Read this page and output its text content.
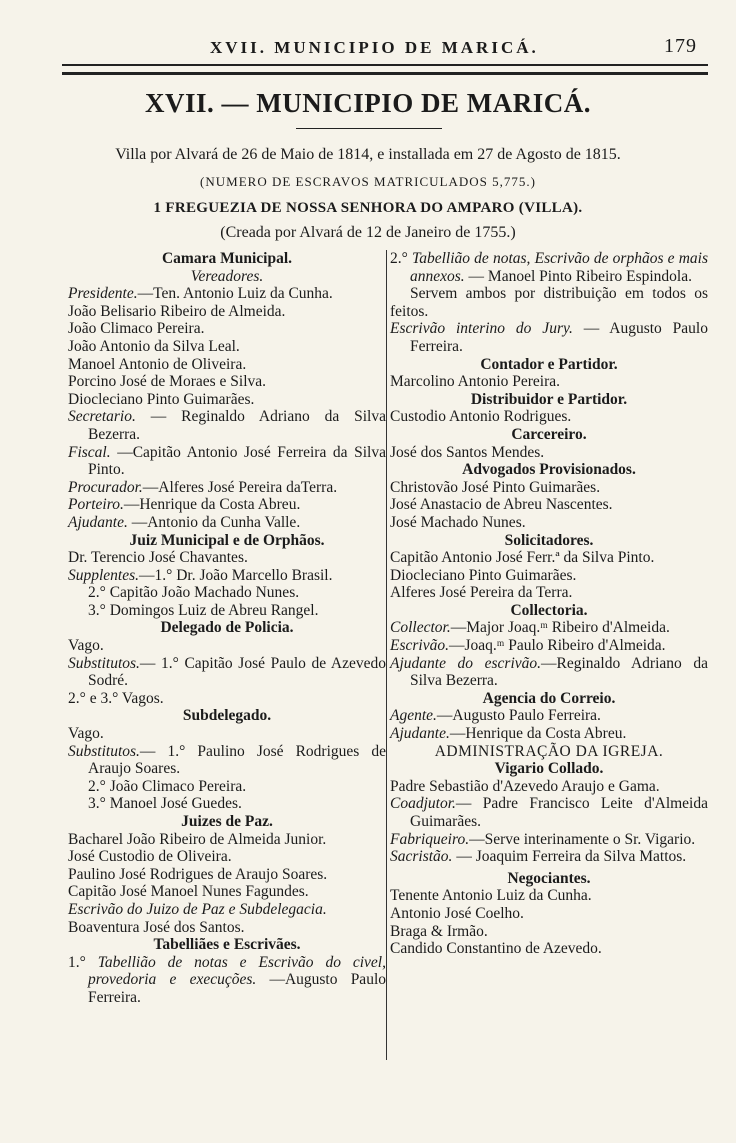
XVII. MUNICIPIO DE MARICÁ.	179
XVII. — MUNICIPIO DE MARICÁ.
Villa por Alvará de 26 de Maio de 1814, e installada em 27 de Agosto de 1815.
(NUMERO DE ESCRAVOS MATRICULADOS 5,775.)
1 FREGUEZIA DE NOSSA SENHORA DO AMPARO (VILLA).
(Creada por Alvará de 12 de Janeiro de 1755.)
Camara Municipal.
Vereadores.
Presidente.—Ten. Antonio Luiz da Cunha.
João Belisario Ribeiro de Almeida.
João Climaco Pereira.
João Antonio da Silva Leal.
Manoel Antonio de Oliveira.
Porcino José de Moraes e Silva.
Diocleciano Pinto Guimarães.
Secretario. — Reginaldo Adriano da Silva Bezerra.
Fiscal. —Capitão Antonio José Ferreira da Silva Pinto.
Procurador.—Alferes José Pereira daTerra.
Porteiro.—Henrique da Costa Abreu.
Ajudante. —Antonio da Cunha Valle.
Juiz Municipal e de Orphãos.
Dr. Terencio José Chavantes.
Supplentes.—1.° Dr. João Marcello Brasil.
2.° Capitão João Machado Nunes.
3.° Domingos Luiz de Abreu Rangel.
Delegado de Policia.
Vago.
Substitutos.— 1.° Capitão José Paulo de Azevedo Sodré.
2.° e 3.° Vagos.
Subdelegado.
Vago.
Substitutos.— 1.° Paulino José Rodrigues de Araujo Soares.
2.° João Climaco Pereira.
3.° Manoel José Guedes.
Juizes de Paz.
Bacharel João Ribeiro de Almeida Junior.
José Custodio de Oliveira.
Paulino José Rodrigues de Araujo Soares.
Capitão José Manoel Nunes Fagundes.
Escrivão do Juizo de Paz e Subdelegacia.
Boaventura José dos Santos.
Tabelliães e Escrivães.
1.° Tabellião de notas e Escrivão do civel, provedoria e execuções. —Augusto Paulo Ferreira.
2.° Tabellião de notas, Escrivão de orphãos e mais annexos. — Manoel Pinto Ribeiro Espindola.
Servem ambos por distribuição em todos os feitos.
Escrivão interino do Jury. — Augusto Paulo Ferreira.
Contador e Partidor.
Marcolino Antonio Pereira.
Distribuidor e Partidor.
Custodio Antonio Rodrigues.
Carcereiro.
José dos Santos Mendes.
Advogados Provisionados.
Christovão José Pinto Guimarães.
José Anastacio de Abreu Nascentes.
José Machado Nunes.
Solicitadores.
Capitão Antonio José Ferr.ª da Silva Pinto.
Diocleciano Pinto Guimarães.
Alferes José Pereira da Terra.
Collectoria.
Collector.—Major Joaq.ᵐ Ribeiro d'Almeida.
Escrivão.—Joaq.ᵐ Paulo Ribeiro d'Almeida.
Ajudante do escrivão.—Reginaldo Adriano da Silva Bezerra.
Agencia do Correio.
Agente.—Augusto Paulo Ferreira.
Ajudante.—Henrique da Costa Abreu.
ADMINISTRAÇÃO DA IGREJA.
Vigario Collado.
Padre Sebastião d'Azevedo Araujo e Gama.
Coadjutor.— Padre Francisco Leite d'Almeida Guimarães.
Fabriqueiro.—Serve interinamente o Sr. Vigario.
Sacristão. — Joaquim Ferreira da Silva Mattos.
Negociantes.
Tenente Antonio Luiz da Cunha.
Antonio José Coelho.
Braga & Irmão.
Candido Constantino de Azevedo.
